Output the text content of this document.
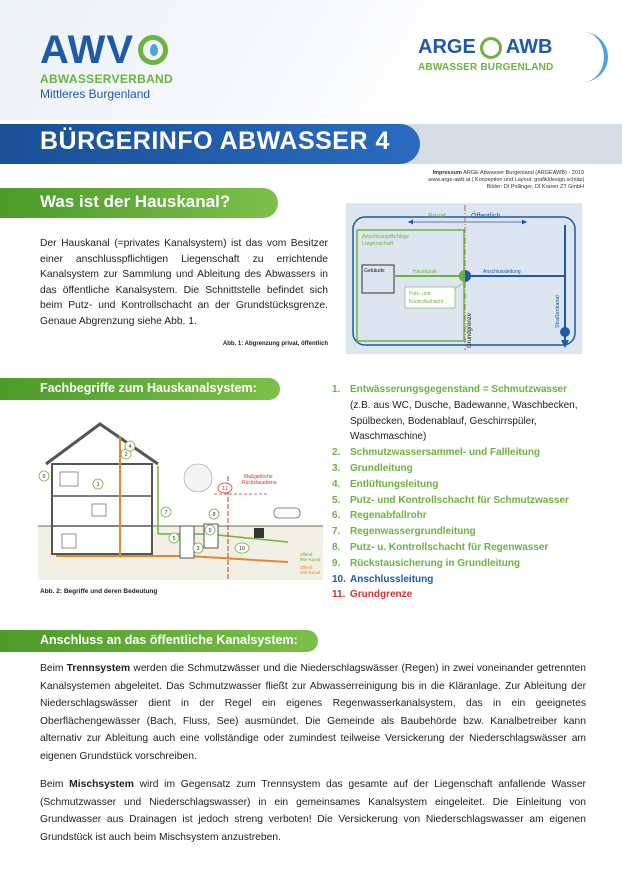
AWV
ABWASSERVERBAND
Mittleres Burgenland
ARGE AWB
ABWASSER BURGENLAND
BÜRGERINFO ABWASSER 4
Impressum ARGE Abwasser Burgenland (ARGEAWB) - 2019
www.arge-awb.at | Konzeption und Layout: grafikldesign.schläp|
Bilder: DI Pollinger, DI Kraner ZT GmbH
Was ist der Hauskanal?
Der Hauskanal (=privates Kanalsystem) ist das vom Besitzer einer anschlusspflichtigen Liegenschaft zu errichtende Kanalsystem zur Sammlung und Ableitung des Abwassers in das öffentliche Kanalsystem. Die Schnittstelle befindet sich beim Putz- und Kontrollschacht an der Grundstücksgrenze. Genaue Abgrenzung siehe Abb. 1.
Abb. 1: Abgrenzung privat, öffentlich
Privat	Öffentlich
Anschlusspflichtige
Liegenschaft
Gebäude	Hauskanal	Anschlussleitung
Putz- und
Kontrollschacht
Grundgrenze
Straßenkanal
Fachbegriffe zum Hauskanalsystem:
Maßgebliche
Rückstauebene
öffentl.
RW-Kanal
öffentl.
SW-Kanal
1
2
3
4
5
6
7	8
9
10
11
Abb. 2: Begriffe und deren Bedeutung
1. Entwässerungsgegenstand = Schmutzwasser
(z.B. aus WC, Dusche, Badewanne, Waschbecken, Spülbecken, Bodenablauf, Geschirrspüler, Waschmaschine)
2. Schmutzwassersammel- und Fallleitung
3. Grundleitung
4. Entlüftungsleitung
5. Putz- und Kontrollschacht für Schmutzwasser
6. Regenabfallrohr
7. Regenwassergrundleitung
8. Putz- u. Kontrollschacht für Regenwasser
9. Rückstausicherung in Grundleitung
10. Anschlussleitung
11. Grundgrenze
Anschluss an das öffentliche Kanalsystem:

Beim Trennsystem werden die Schmutzwässer und die Niederschlagswässer (Regen) in zwei voneinander getrennten Kanalsystemen abgeleitet. Das Schmutzwasser fließt zur Abwasserreinigung bis in die Kläranlage. Zur Ableitung der Niederschlagswässer dient in der Regel ein eigenes Regenwasserkanalsystem, das in ein geeignetes Oberflächengewässer (Bach, Fluss, See) ausmündet. Die Gemeinde als Baubehörde bzw. Kanalbetreiber kann alternativ zur Ableitung auch eine vollständige oder zumindest teilweise Versickerung der Niederschlagswässer am eigenen Grundstück vorschreiben.

Beim Mischsystem wird im Gegensatz zum Trennsystem das gesamte auf der Liegenschaft anfallende Wasser (Schmutzwasser und Niederschlagswasser) in ein gemeinsames Kanalsystem eingeleitet. Die Einleitung von Grundwasser aus Drainagen ist jedoch streng verboten! Die Versickerung von Niederschlagswasser am eigenen Grundstück ist auch beim Mischsystem anzustreben.
